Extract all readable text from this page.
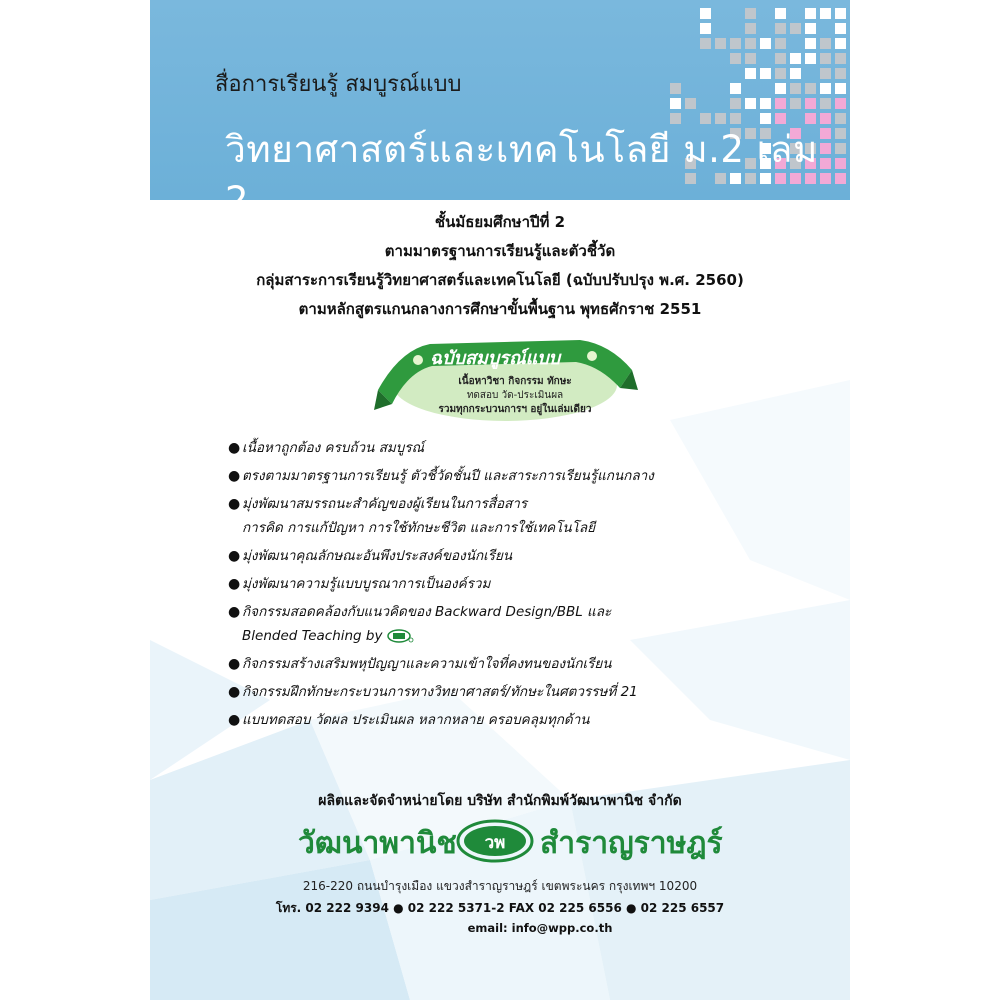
สื่อการเรียนรู้ สมบูรณ์แบบ
วิทยาศาสตร์และเทคโนโลยี ม.2 เล่ม 2	ชั้นมัธยมศึกษาปีที่ 2
ตามมาตรฐานการเรียนรู้และตัวชี้วัด
กลุ่มสาระการเรียนรู้วิทยาศาสตร์และเทคโนโลยี (ฉบับปรับปรุง พ.ศ. 2560)
ตามหลักสูตรแกนกลางการศึกษาขั้นพื้นฐาน พุทธศักราช 2551
ฉบับสมบูรณ์แบบ
เนื้อหาวิชา กิจกรรม ทักษะ
ทดสอบ วัด-ประเมินผล
รวมทุกกระบวนการฯ อยู่ในเล่มเดียว
● เนื้อหาถูกต้อง ครบถ้วน สมบูรณ์
● ตรงตามมาตรฐานการเรียนรู้ ตัวชี้วัดชั้นปี และสาระการเรียนรู้แกนกลาง
● มุ่งพัฒนาสมรรถนะสำคัญของผู้เรียนในการสื่อสาร
การคิด การแก้ปัญหา การใช้ทักษะชีวิต และการใช้เทคโนโลยี
● มุ่งพัฒนาคุณลักษณะอันพึงประสงค์ของนักเรียน
● มุ่งพัฒนาความรู้แบบบูรณาการเป็นองค์รวม
● กิจกรรมสอดคล้องกับแนวคิดของ Backward Design/BBL และ
Blended Teaching by
● กิจกรรมสร้างเสริมพหุปัญญาและความเข้าใจที่คงทนของนักเรียน
● กิจกรรมฝึกทักษะกระบวนการทางวิทยาศาสตร์/ทักษะในศตวรรษที่ 21
● แบบทดสอบ วัดผล ประเมินผล หลากหลาย ครอบคลุมทุกด้าน
ผลิตและจัดจำหน่ายโดย บริษัท สำนักพิมพ์วัฒนาพานิช จำกัด
วัฒนาพานิช วพ สำราญราษฎร์
216-220 ถนนบำรุงเมือง แขวงสำราญราษฎร์ เขตพระนคร กรุงเทพฯ 10200
โทร. 02 222 9394 ● 02 222 5371-2 FAX 02 225 6556 ● 02 225 6557
email: info@wpp.co.th
